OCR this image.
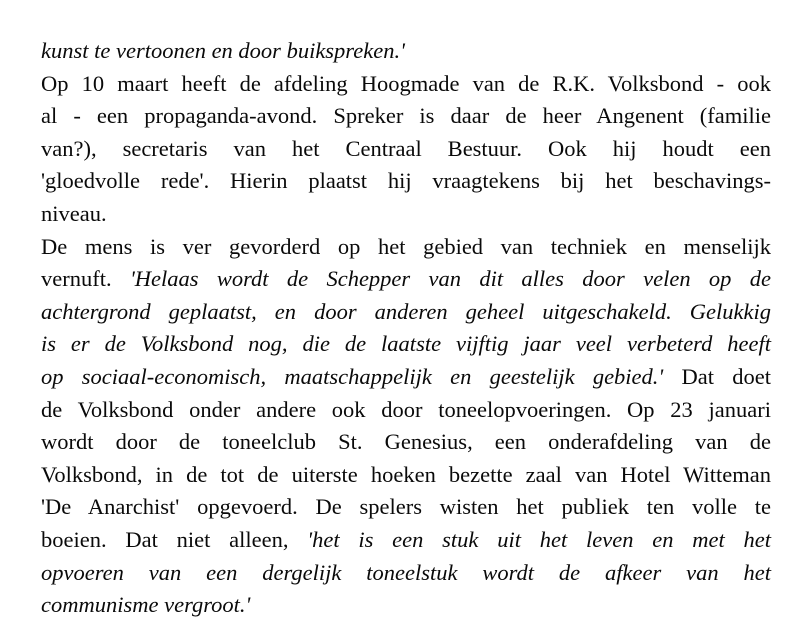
kunst te vertoonen en door buikspreken.'
Op 10 maart heeft de afdeling Hoogmade van de R.K. Volksbond - ook
al - een propaganda-avond. Spreker is daar de heer Angenent (familie
van?), secretaris van het Centraal Bestuur. Ook hij houdt een
'gloedvolle rede'. Hierin plaatst hij vraagtekens bij het beschavings-
niveau.
De mens is ver gevorderd op het gebied van techniek en menselijk
vernuft. 'Helaas wordt de Schepper van dit alles door velen op de
achtergrond geplaatst, en door anderen geheel uitgeschakeld. Gelukkig
is er de Volksbond nog, die de laatste vijftig jaar veel verbeterd heeft
op sociaal-economisch, maatschappelijk en geestelijk gebied.' Dat doet
de Volksbond onder andere ook door toneelopvoeringen. Op 23 januari
wordt door de toneelclub St. Genesius, een onderafdeling van de
Volksbond, in de tot de uiterste hoeken bezette zaal van Hotel Witteman
'De Anarchist' opgevoerd. De spelers wisten het publiek ten volle te
boeien. Dat niet alleen, 'het is een stuk uit het leven en met het
opvoeren van een dergelijk toneelstuk wordt de afkeer van het
communisme vergroot.'
